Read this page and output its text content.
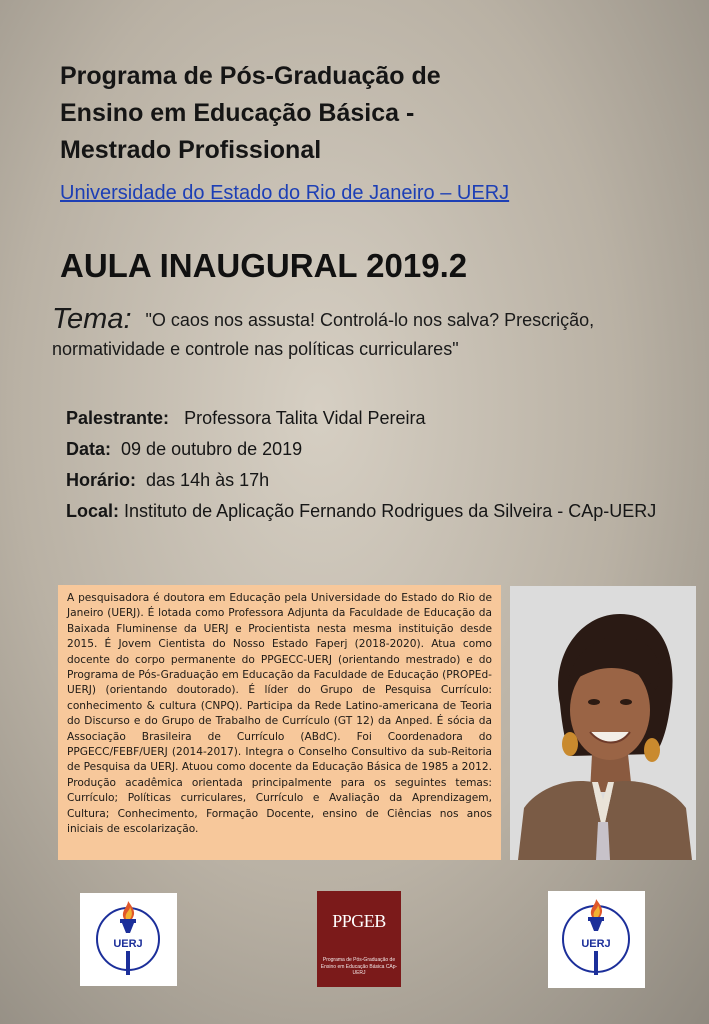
Programa de Pós-Graduação de
Ensino em Educação Básica -
Mestrado Profissional
Universidade do Estado do Rio de Janeiro – UERJ
AULA INAUGURAL 2019.2
Tema: "O caos nos assusta! Controlá-lo nos salva? Prescrição, normatividade e controle nas políticas curriculares"
Palestrante: Professora Talita Vidal Pereira
Data: 09 de outubro de 2019
Horário: das 14h às 17h
Local: Instituto de Aplicação Fernando Rodrigues da Silveira - CAp-UERJ
A pesquisadora é doutora em Educação pela Universidade do Estado do Rio de Janeiro (UERJ). É lotada como Professora Adjunta da Faculdade de Educação da Baixada Fluminense da UERJ e Procientista nesta mesma instituição desde 2015. É Jovem Cientista do Nosso Estado Faperj (2018-2020). Atua como docente do corpo permanente do PPGECC-UERJ (orientando mestrado) e do Programa de Pós-Graduação em Educação da Faculdade de Educação (PROPEd-UERJ) (orientando doutorado). É líder do Grupo de Pesquisa Currículo: conhecimento & cultura (CNPQ). Participa da Rede Latino-americana de Teoria do Discurso e do Grupo de Trabalho de Currículo (GT 12) da Anped. É sócia da Associação Brasileira de Currículo (ABdC). Foi Coordenadora do PPGECC/FEBF/UERJ (2014-2017). Integra o Conselho Consultivo da sub-Reitoria de Pesquisa da UERJ. Atuou como docente da Educação Básica de 1985 a 2012. Produção acadêmica orientada principalmente para os seguintes temas: Currículo; Políticas curriculares, Currículo e Avaliação da Aprendizagem, Cultura; Conhecimento, Formação Docente, ensino de Ciências nos anos iniciais de escolarização.
UERJ
PPGEB
Programa de Pós-Graduação de Ensino em Educação Básica CAp-UERJ
UERJ
